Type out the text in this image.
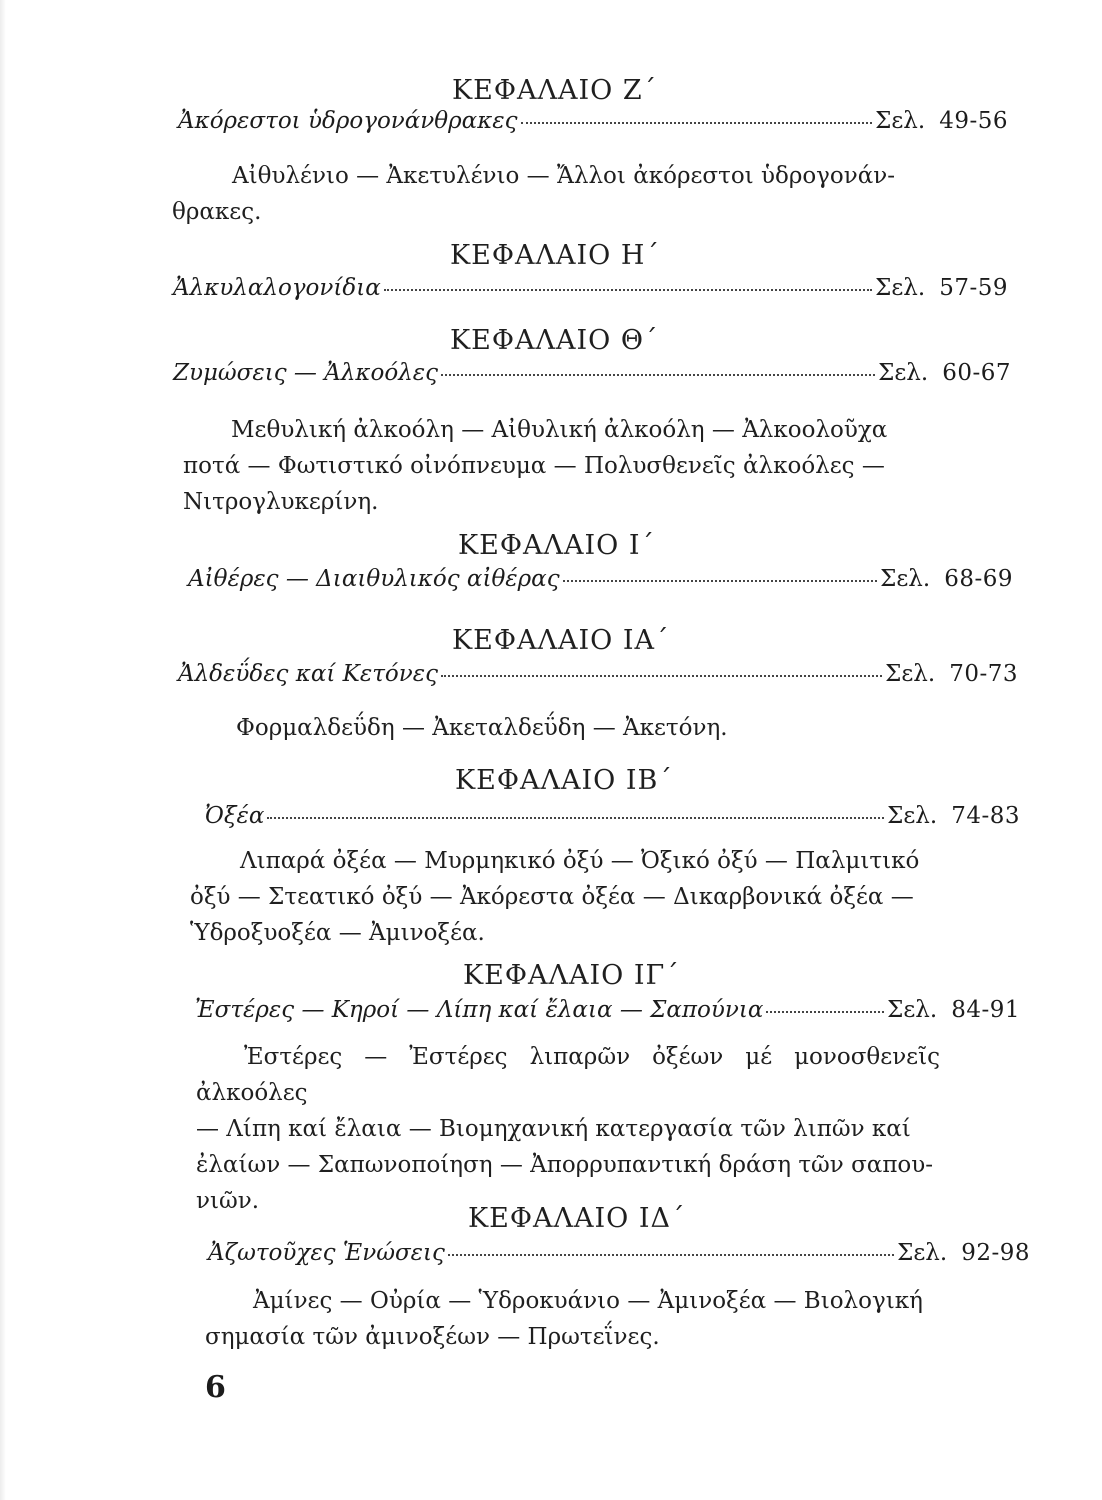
ΚΕΦΑΛΑΙΟ Ζ΄
Ἀκόρεστοι ὑδρογονάνθρακες	Σελ. 49-56

Αἰθυλένιο — Ἀκετυλένιο — Ἄλλοι ἀκόρεστοι ὑδρογονάν-

θρακες.

ΚΕΦΑΛΑΙΟ Η΄
Ἀλκυλαλογονίδια	Σελ. 57-59
ΚΕΦΑΛΑΙΟ Θ΄
Ζυμώσεις — Ἀλκοόλες	Σελ. 60-67

Μεθυλική ἀλκοόλη — Αἰθυλική ἀλκοόλη — Ἀλκοολοῦχα

ποτά — Φωτιστικό οἰνόπνευμα — Πολυσθενεῖς ἀλκοόλες —

Νιτρογλυκερίνη.

ΚΕΦΑΛΑΙΟ Ι΄
Αἰθέρες — Διαιθυλικός αἰθέρας	Σελ. 68-69
ΚΕΦΑΛΑΙΟ ΙΑ΄
Ἀλδεΰδες καί Κετόνες	Σελ. 70-73

Φορμαλδεΰδη — Ἀκεταλδεΰδη — Ἀκετόνη.

ΚΕΦΑΛΑΙΟ ΙΒ΄
Ὀξέα	Σελ. 74-83

Λιπαρά ὀξέα — Μυρμηκικό ὀξύ — Ὀξικό ὀξύ — Παλμιτικό

ὀξύ — Στεατικό ὀξύ — Ἀκόρεστα ὀξέα — Δικαρβονικά ὀξέα —

Ὑδροξυοξέα — Ἀμινοξέα.

ΚΕΦΑΛΑΙΟ ΙΓ΄
Ἐστέρες — Κηροί — Λίπη καί ἔλαια — Σαπούνια	Σελ. 84-91

Ἐστέρες — Ἐστέρες λιπαρῶν ὀξέων μέ μονοσθενεῖς ἀλκοόλες

— Λίπη καί ἔλαια — Βιομηχανική κατεργασία τῶν λιπῶν καί

ἐλαίων — Σαπωνοποίηση — Ἀπορρυπαντική δράση τῶν σαπου-

νιῶν.

ΚΕΦΑΛΑΙΟ ΙΔ΄
Ἀζωτοῦχες Ἑνώσεις	Σελ. 92-98

Ἀμίνες — Οὐρία — Ὑδροκυάνιο — Ἀμινοξέα — Βιολογική

σημασία τῶν ἀμινοξέων — Πρωτεΐνες.

6
